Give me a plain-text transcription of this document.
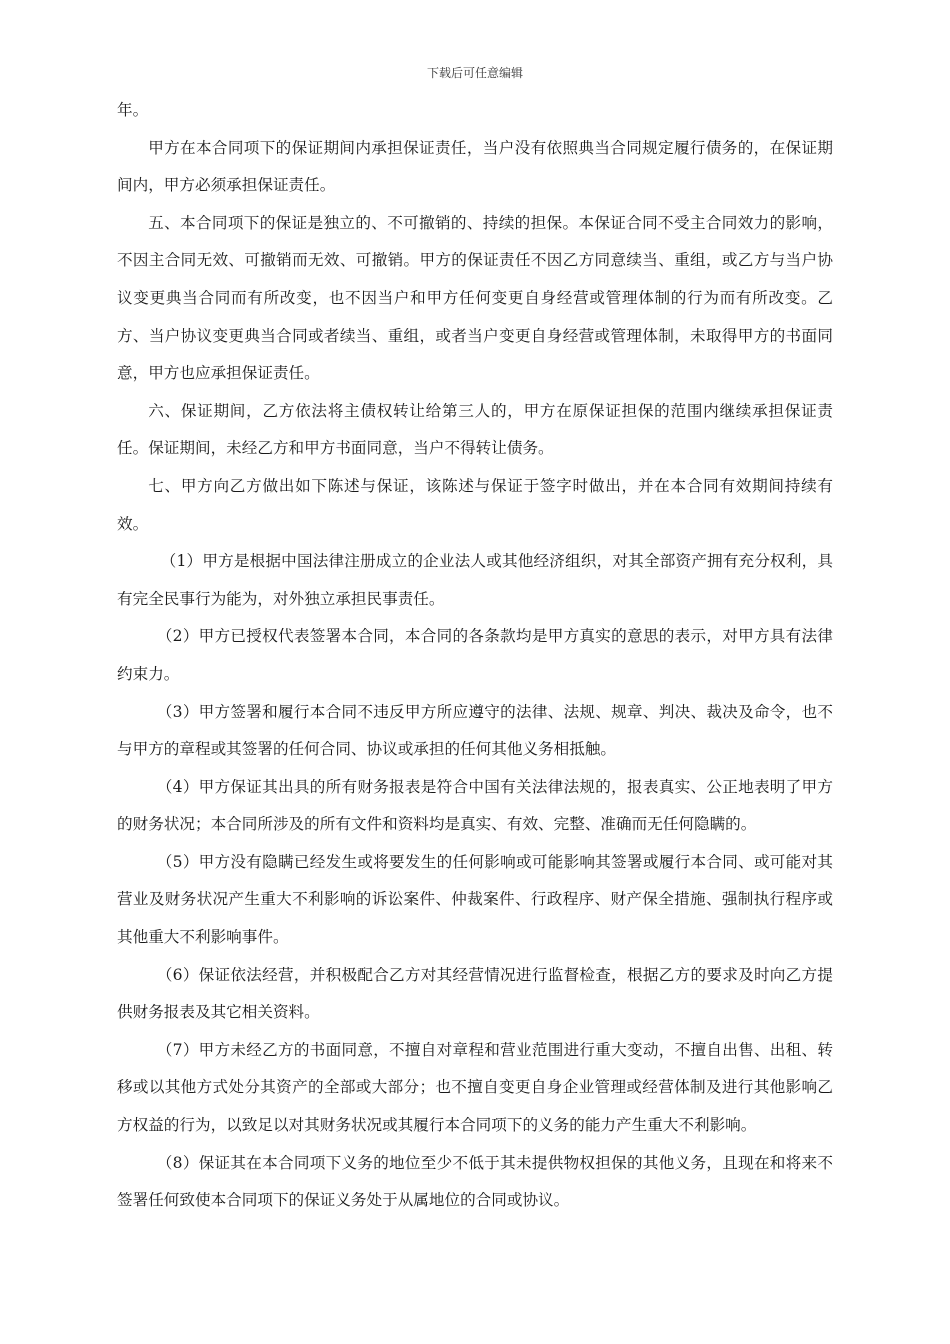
下载后可任意编辑

年。

甲方在本合同项下的保证期间内承担保证责任，当户没有依照典当合同规定履行债务的，在保证期间内，甲方必须承担保证责任。

五、本合同项下的保证是独立的、不可撤销的、持续的担保。本保证合同不受主合同效力的影响，不因主合同无效、可撤销而无效、可撤销。甲方的保证责任不因乙方同意续当、重组，或乙方与当户协议变更典当合同而有所改变，也不因当户和甲方任何变更自身经营或管理体制的行为而有所改变。乙方、当户协议变更典当合同或者续当、重组，或者当户变更自身经营或管理体制，未取得甲方的书面同意，甲方也应承担保证责任。

六、保证期间，乙方依法将主债权转让给第三人的，甲方在原保证担保的范围内继续承担保证责任。保证期间，未经乙方和甲方书面同意，当户不得转让债务。

七、甲方向乙方做出如下陈述与保证，该陈述与保证于签字时做出，并在本合同有效期间持续有效。

（1）甲方是根据中国法律注册成立的企业法人或其他经济组织，对其全部资产拥有充分权利，具有完全民事行为能为，对外独立承担民事责任。

（2）甲方已授权代表签署本合同，本合同的各条款均是甲方真实的意思的表示，对甲方具有法律约束力。

（3）甲方签署和履行本合同不违反甲方所应遵守的法律、法规、规章、判决、裁决及命令，也不与甲方的章程或其签署的任何合同、协议或承担的任何其他义务相抵触。

（4）甲方保证其出具的所有财务报表是符合中国有关法律法规的，报表真实、公正地表明了甲方的财务状况；本合同所涉及的所有文件和资料均是真实、有效、完整、准确而无任何隐瞒的。

（5）甲方没有隐瞒已经发生或将要发生的任何影响或可能影响其签署或履行本合同、或可能对其营业及财务状况产生重大不利影响的诉讼案件、仲裁案件、行政程序、财产保全措施、强制执行程序或其他重大不利影响事件。

（6）保证依法经营，并积极配合乙方对其经营情况进行监督检查，根据乙方的要求及时向乙方提供财务报表及其它相关资料。

（7）甲方未经乙方的书面同意，不擅自对章程和营业范围进行重大变动，不擅自出售、出租、转移或以其他方式处分其资产的全部或大部分；也不擅自变更自身企业管理或经营体制及进行其他影响乙方权益的行为，以致足以对其财务状况或其履行本合同项下的义务的能力产生重大不利影响。

（8）保证其在本合同项下义务的地位至少不低于其未提供物权担保的其他义务，且现在和将来不签署任何致使本合同项下的保证义务处于从属地位的合同或协议。
